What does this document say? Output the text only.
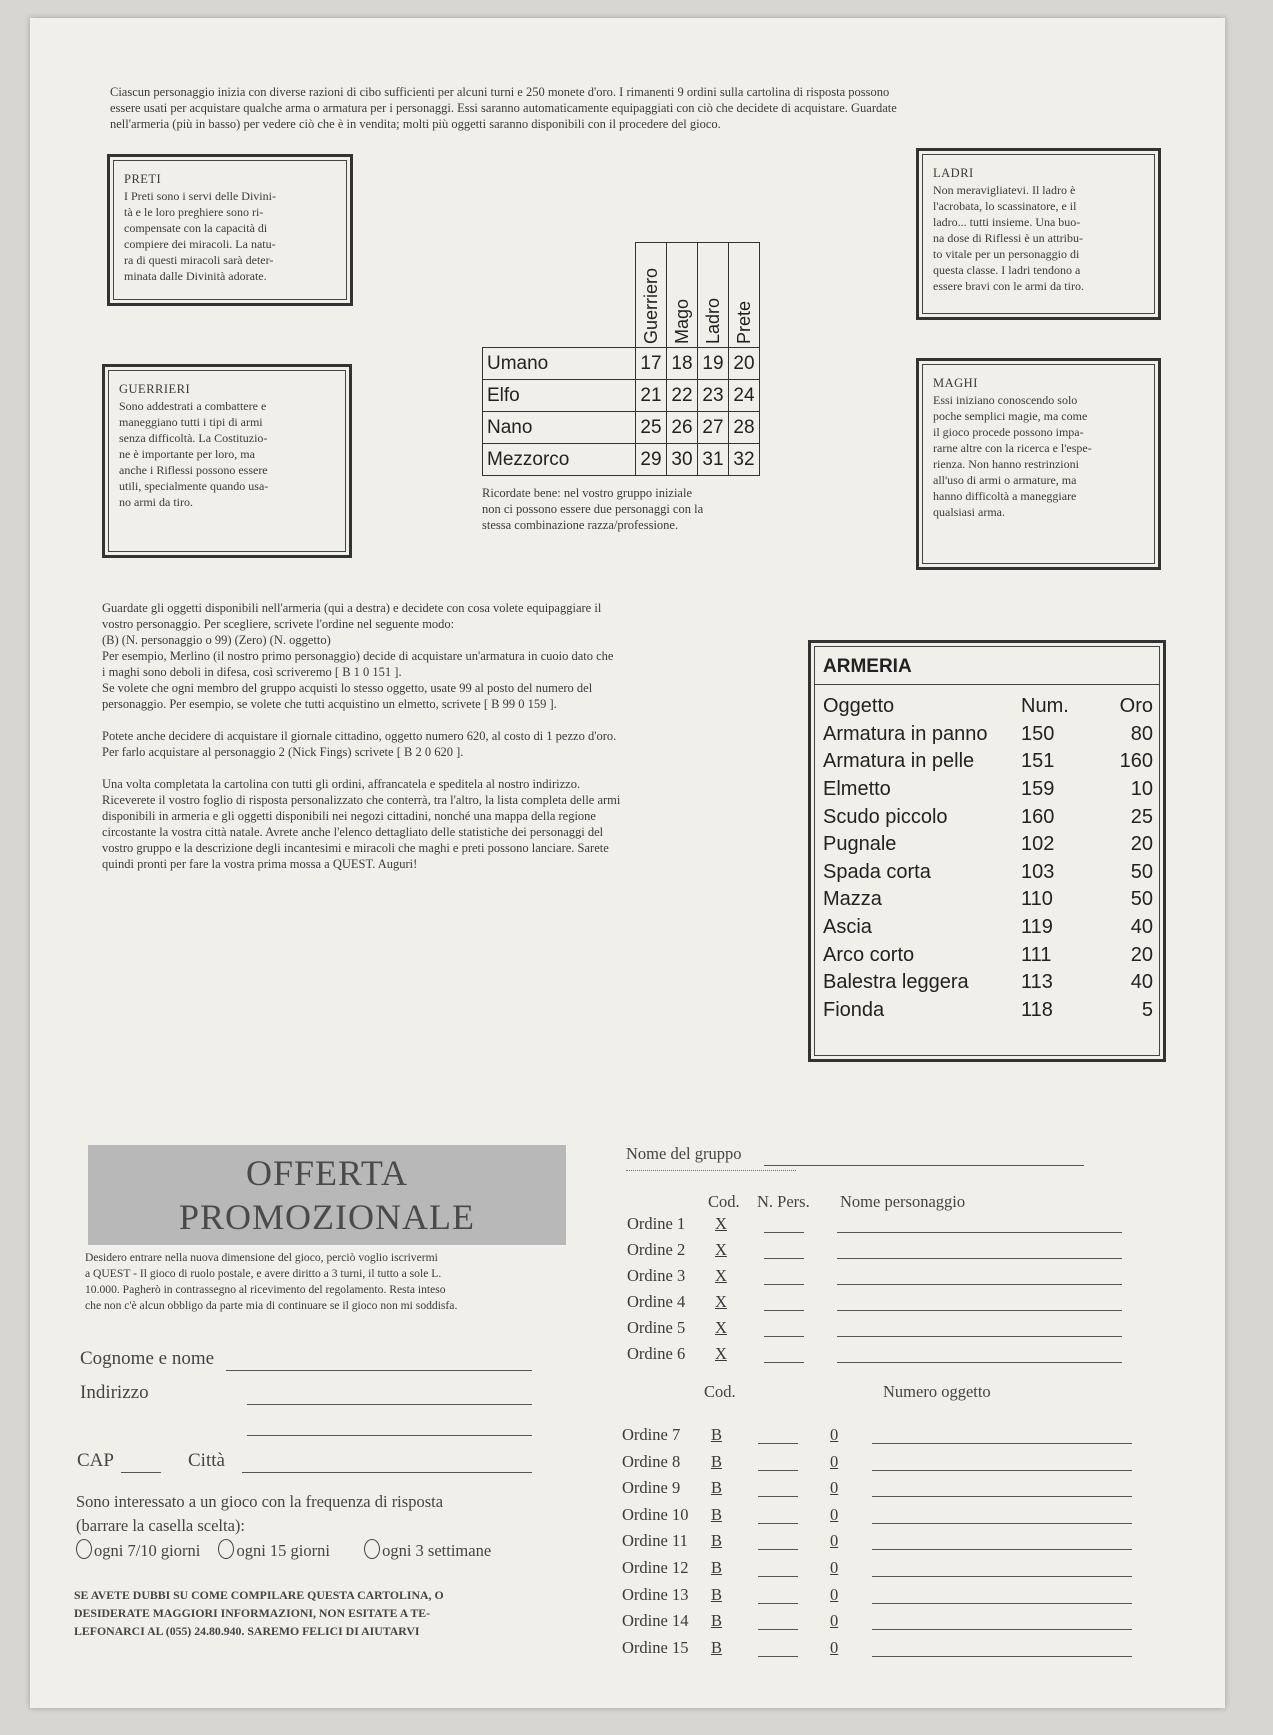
Ciascun personaggio inizia con diverse razioni di cibo sufficienti per alcuni turni e 250 monete d'oro. I rimanenti 9 ordini sulla cartolina di risposta possono

essere usati per acquistare qualche arma o armatura per i personaggi. Essi saranno automaticamente equipaggiati con ciò che decidete di acquistare. Guardate

nell'armeria (più in basso) per vedere ciò che è in vendita; molti più oggetti saranno disponibili con il procedere del gioco.

PRETI
I Preti sono i servi delle Divini-
tà e le loro preghiere sono ri-
compensate con la capacità di
compiere dei miracoli. La natu-
ra di questi miracoli sarà deter-
minata dalle Divinità adorate.
GUERRIERI
Sono addestrati a combattere e
maneggiano tutti i tipi di armi
senza difficoltà. La Costituzio-
ne è importante per loro, ma
anche i Riflessi possono essere
utili, specialmente quando usa-
no armi da tiro.
LADRI
Non meravigliatevi. Il ladro è
l'acrobata, lo scassinatore, e il
ladro... tutti insieme. Una buo-
na dose di Riflessi è un attribu-
to vitale per un personaggio di
questa classe. I ladri tendono a
essere bravi con le armi da tiro.
MAGHI
Essi iniziano conoscendo solo
poche semplici magie, ma come
il gioco procede possono impa-
rarne altre con la ricerca e l'espe-
rienza. Non hanno restrinzioni
all'uso di armi o armature, ma
hanno difficoltà a maneggiare
qualsiasi arma.

	Guerriero	Mago	Ladro	Prete

Umano	17	18	19	20
Elfo	21	22	23	24
Nano	25	26	27	28
Mezzorco	29	30	31	32

Ricordate bene: nel vostro gruppo iniziale

non ci possono essere due personaggi con la

stessa combinazione razza/professione.

Guardate gli oggetti disponibili nell'armeria (qui a destra) e decidete con cosa volete equipaggiare il

vostro personaggio. Per scegliere, scrivete l'ordine nel seguente modo:

(B) (N. personaggio o 99) (Zero) (N. oggetto)

Per esempio, Merlino (il nostro primo personaggio) decide di acquistare un'armatura in cuoio dato che

i maghi sono deboli in difesa, così scriveremo [ B 1 0 151 ].

Se volete che ogni membro del gruppo acquisti lo stesso oggetto, usate 99 al posto del numero del

personaggio. Per esempio, se volete che tutti acquistino un elmetto, scrivete [ B 99 0 159 ].

Potete anche decidere di acquistare il giornale cittadino, oggetto numero 620, al costo di 1 pezzo d'oro.

Per farlo acquistare al personaggio 2 (Nick Fings) scrivete [ B 2 0 620 ].

Una volta completata la cartolina con tutti gli ordini, affrancatela e speditela al nostro indirizzo.

Riceverete il vostro foglio di risposta personalizzato che conterrà, tra l'altro, la lista completa delle armi

disponibili in armeria e gli oggetti disponibili nei negozi cittadini, nonché una mappa della regione

circostante la vostra città natale. Avrete anche l'elenco dettagliato delle statistiche dei personaggi del

vostro gruppo e la descrizione degli incantesimi e miracoli che maghi e preti possono lanciare. Sarete

quindi pronti per fare la vostra prima mossa a QUEST. Auguri!

ARMERIA
Oggetto	Num.	Oro
Armatura in panno	150	80
Armatura in pelle	151	160
Elmetto	159	10
Scudo piccolo	160	25
Pugnale	102	20
Spada corta	103	50
Mazza	110	50
Ascia	119	40
Arco corto	111	20
Balestra leggera	113	40
Fionda	118	5
OFFERTA
PROMOZIONALE

Desidero entrare nella nuova dimensione del gioco, perciò voglio iscrivermi

a QUEST - Il gioco di ruolo postale, e avere diritto a 3 turni, il tutto a sole L.

10.000. Pagherò in contrassegno al ricevimento del regolamento. Resta inteso

che non c'è alcun obbligo da parte mia di continuare se il gioco non mi soddisfa.

Cognome e nome
Indirizzo
CAP	Città
Sono interessato a un gioco con la frequenza di risposta
(barrare la casella scelta):
ogni 7/10 giorni ogni 15 giorni	ogni 3 settimane

SE AVETE DUBBI SU COME COMPILARE QUESTA CARTOLINA, O

DESIDERATE MAGGIORI INFORMAZIONI, NON ESITATE A TE-

LEFONARCI AL (055) 24.80.940. SAREMO FELICI DI AIUTARVI

Nome del gruppo
Cod. N. Pers. Nome personaggio
Ordine 1 X
Ordine 2 X
Ordine 3 X
Ordine 4 X
Ordine 5 X
Ordine 6 X
Cod.	Numero oggetto
Ordine 7 B	0
Ordine 8 B	0
Ordine 9 B	0
Ordine 10 B	0
Ordine 11 B	0
Ordine 12 B	0
Ordine 13 B	0
Ordine 14 B	0
Ordine 15 B	0
